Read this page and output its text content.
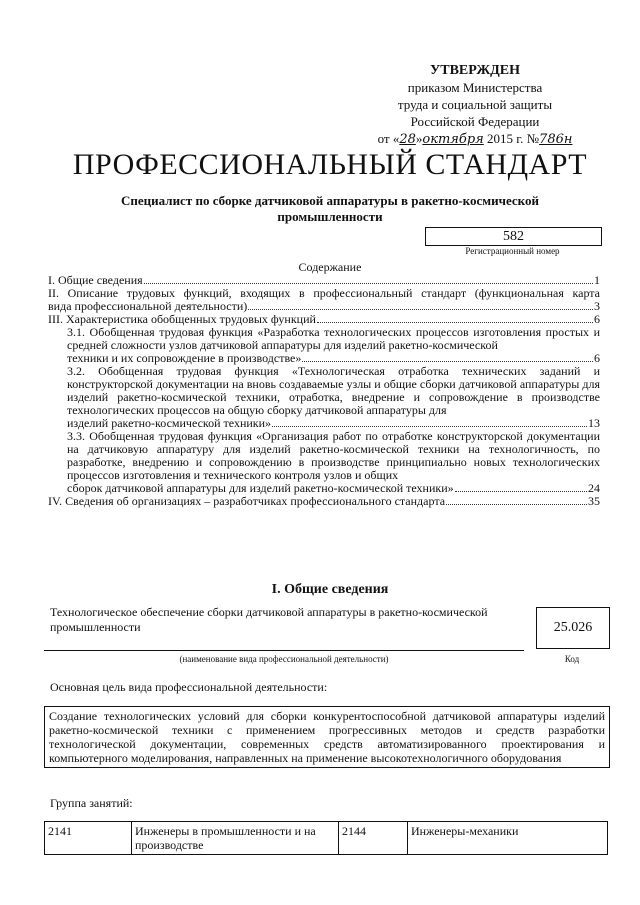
УТВЕРЖДЕН
приказом Министерства
труда и социальной защиты
Российской Федерации
от «28»октября 2015 г. №786н
ПРОФЕССИОНАЛЬНЫЙ СТАНДАРТ
Специалист по сборке датчиковой аппаратуры в ракетно-космической промышленности
582
Регистрационный номер
Содержание
I. Общие сведения	1
II. Описание трудовых функций, входящих в профессиональный стандарт (функциональная карта
вида профессиональной деятельности)	3
III. Характеристика обобщенных трудовых функций	6
3.1. Обобщенная трудовая функция «Разработка технологических процессов изготовления простых и средней сложности узлов датчиковой аппаратуры для изделий ракетно-космической
техники и их сопровождение в производстве»	6
3.2. Обобщенная трудовая функция «Технологическая отработка технических заданий и конструкторской документации на вновь создаваемые узлы и общие сборки датчиковой аппаратуры для изделий ракетно-космической техники, отработка, внедрение и сопровождение в производстве технологических процессов на общую сборку датчиковой аппаратуры для
изделий ракетно-космической техники»	13
3.3. Обобщенная трудовая функция «Организация работ по отработке конструкторской документации на датчиковую аппаратуру для изделий ракетно-космической техники на технологичность, по разработке, внедрению и сопровождению в производстве принципиально новых технологических процессов изготовления и технического контроля узлов и общих
сборок датчиковой аппаратуры для изделий ракетно-космической техники»	24
IV. Сведения об организациях – разработчиках профессионального стандарта	35
I. Общие сведения
Технологическое обеспечение сборки датчиковой аппаратуры в ракетно-космической промышленности
(наименование вида профессиональной деятельности)
25.026
Код
Основная цель вида профессиональной деятельности:
Создание технологических условий для сборки конкурентоспособной датчиковой аппаратуры изделий ракетно-космической техники с применением прогрессивных методов и средств разработки технологической документации, современных средств автоматизированного проектирования и компьютерного моделирования, направленных на применение высокотехнологичного оборудования
Группа занятий:
2141	Инженеры в промышленности и на производстве	2144	Инженеры-механики
